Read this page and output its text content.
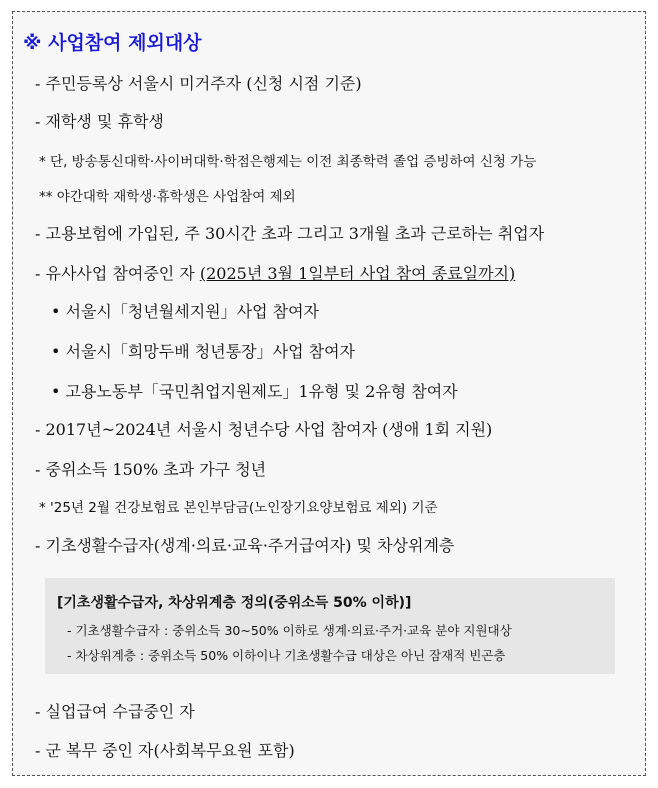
※ 사업참여 제외대상
- 주민등록상 서울시 미거주자 (신청 시점 기준)
- 재학생 및 휴학생
* 단, 방송통신대학·사이버대학·학점은행제는 이전 최종학력 졸업 증빙하여 신청 가능
** 야간대학 재학생·휴학생은 사업참여 제외
- 고용보험에 가입된, 주 30시간 초과 그리고 3개월 초과 근로하는 취업자
- 유사사업 참여중인 자 (2025년 3월 1일부터 사업 참여 종료일까지)
• 서울시「청년월세지원」사업 참여자
• 서울시「희망두배 청년통장」사업 참여자
• 고용노동부「국민취업지원제도」1유형 및 2유형 참여자
- 2017년~2024년 서울시 청년수당 사업 참여자 (생애 1회 지원)
- 중위소득 150% 초과 가구 청년
* '25년 2월 건강보험료 본인부담금(노인장기요양보험료 제외) 기준
- 기초생활수급자(생계·의료·교육·주거급여자) 및 차상위계층
[기초생활수급자, 차상위계층 정의(중위소득 50% 이하)]
- 기초생활수급자 : 중위소득 30~50% 이하로 생계·의료·주거·교육 분야 지원대상
- 차상위계층 : 중위소득 50% 이하이나 기초생활수급 대상은 아닌 잠재적 빈곤층
- 실업급여 수급중인 자
- 군 복무 중인 자(사회복무요원 포함)
